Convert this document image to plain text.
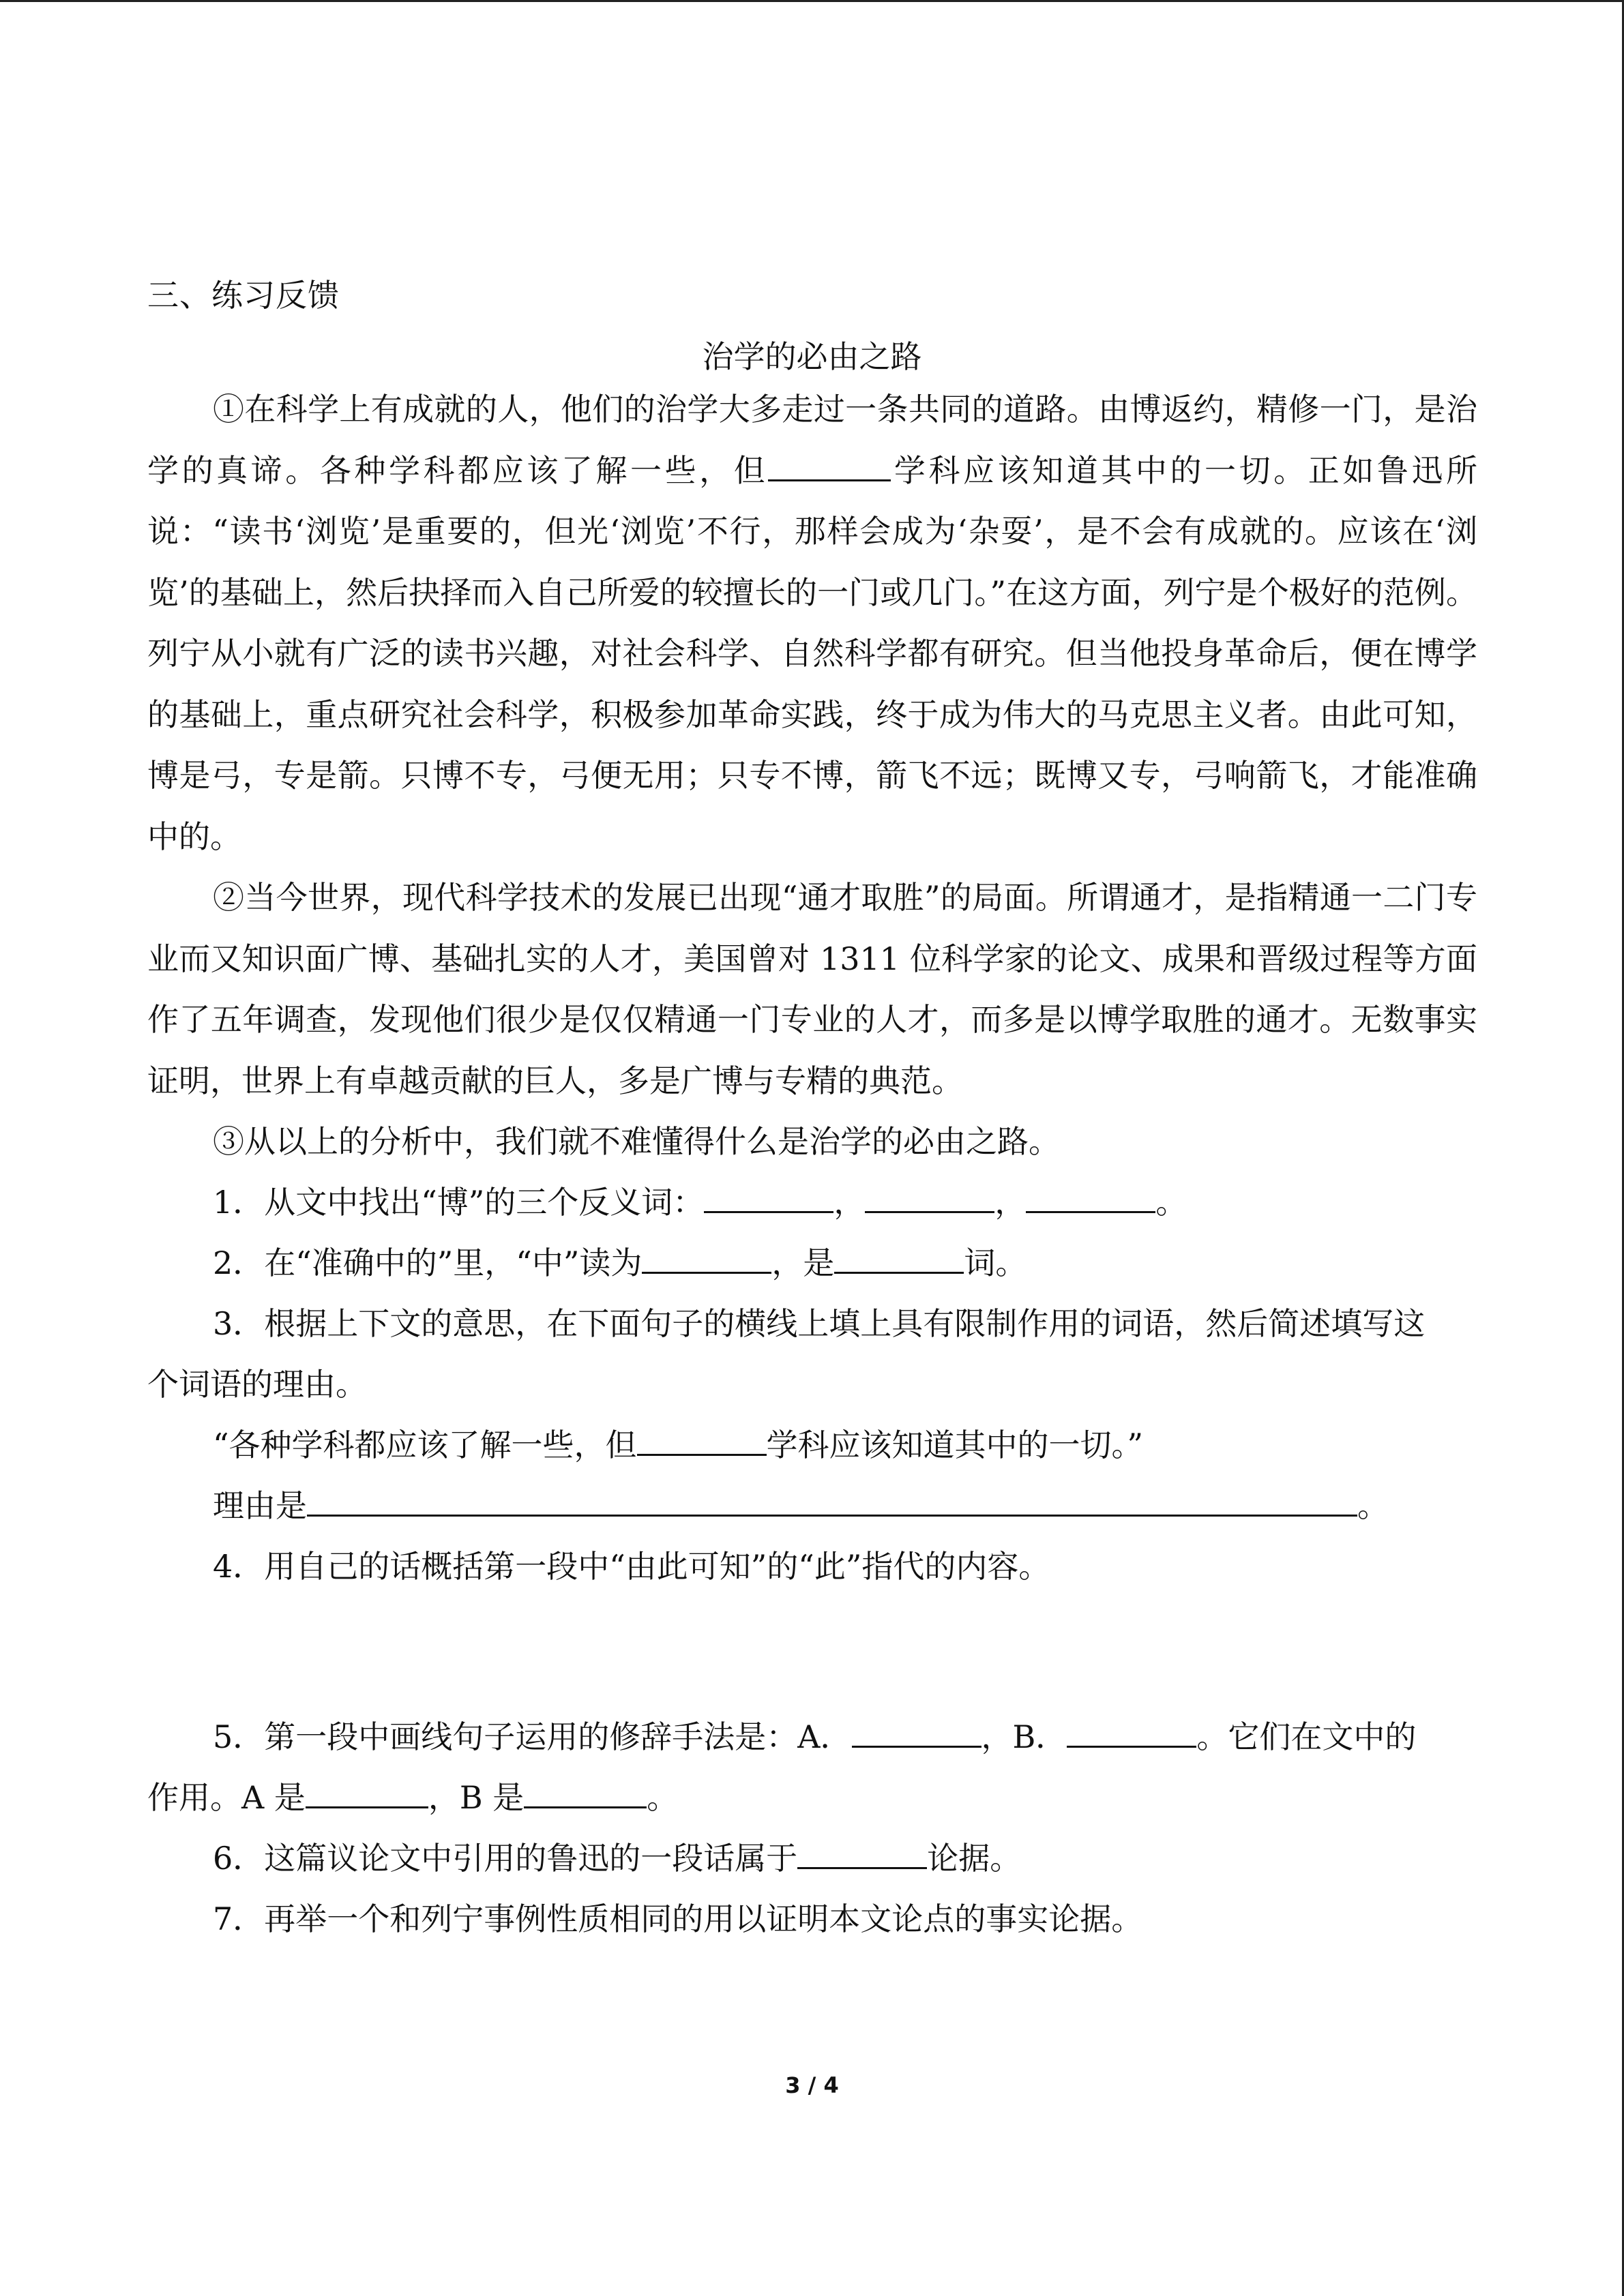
三、练习反馈
治学的必由之路

①在科学上有成就的人，他们的治学大多走过一条共同的道路。由博返约，精修一门，是治学的真谛。各种学科都应该了解一些，但	学科应该知道其中的一切。正如鲁迅所说：“读书‘浏览’是重要的，但光‘浏览’不行，那样会成为‘杂耍’，是不会有成就的。应该在‘浏览’的基础上，然后抉择而入自己所爱的较擅长的一门或几门。”在这方面，列宁是个极好的范例。列宁从小就有广泛的读书兴趣，对社会科学、自然科学都有研究。但当他投身革命后，便在博学的基础上，重点研究社会科学，积极参加革命实践，终于成为伟大的马克思主义者。由此可知，博是弓，专是箭。只博不专，弓便无用；只专不博，箭飞不远；既博又专，弓响箭飞，才能准确中的。

②当今世界，现代科学技术的发展已出现“通才取胜”的局面。所谓通才，是指精通一二门专业而又知识面广博、基础扎实的人才，美国曾对 1311 位科学家的论文、成果和晋级过程等方面作了五年调查，发现他们很少是仅仅精通一门专业的人才，而多是以博学取胜的通才。无数事实证明，世界上有卓越贡献的巨人，多是广博与专精的典范。

③从以上的分析中，我们就不难懂得什么是治学的必由之路。

1．从文中找出“博”的三个反义词：	，	，	。
2．在“准确中的”里，“中”读为	，是	词。
3．根据上下文的意思，在下面句子的横线上填上具有限制作用的词语，然后简述填写这
个词语的理由。
“各种学科都应该了解一些，但	学科应该知道其中的一切。”
理由是	。
4．用自己的话概括第一段中“由此可知”的“此”指代的内容。
5．第一段中画线句子运用的修辞手法是：A．	，B．	。它们在文中的
作用。A 是	，B 是	。
6．这篇议论文中引用的鲁迅的一段话属于	论据。
7．再举一个和列宁事例性质相同的用以证明本文论点的事实论据。
3 / 4
